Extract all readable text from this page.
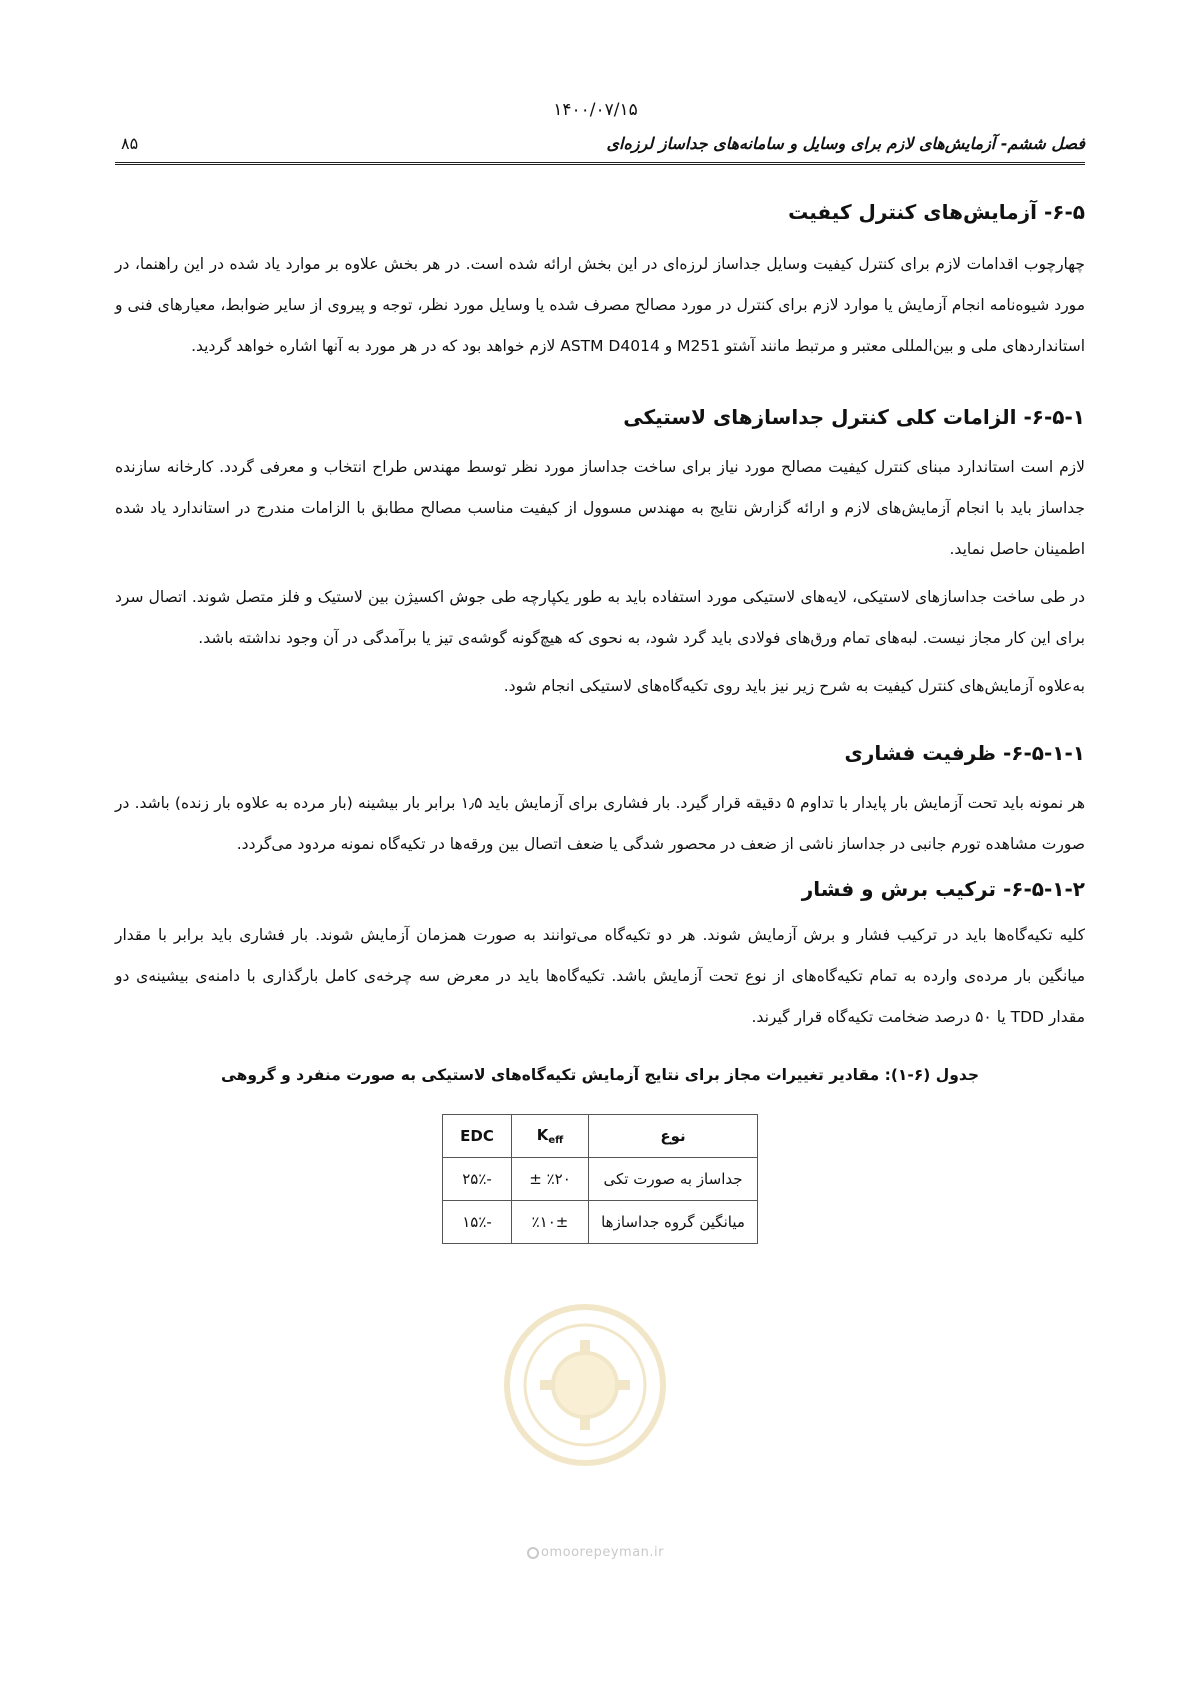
۱۴۰۰/۰۷/۱۵
فصل ششم- آزمایش‌های لازم برای وسایل و سامانه‌های جداساز لرزه‌ای
۸۵
۶-۵- آزمایش‌های کنترل کیفیت

چهارچوب اقدامات لازم برای کنترل کیفیت وسایل جداساز لرزه‌ای در این بخش ارائه شده است. در هر بخش علاوه بر موارد یاد شده در این راهنما، در مورد شیوه‌نامه انجام آزمایش یا موارد لازم برای کنترل در مورد مصالح مصرف شده یا وسایل مورد نظر، توجه و پیروی از سایر ضوابط، معیارهای فنی و استانداردهای ملی و بین‌المللی معتبر و مرتبط مانند آشتو M251 و ASTM D4014 لازم خواهد بود که در هر مورد به آنها اشاره خواهد گردید.

۶-۵-۱- الزامات کلی کنترل جداسازهای لاستیکی

لازم است استاندارد مبنای کنترل کیفیت مصالح مورد نیاز برای ساخت جداساز مورد نظر توسط مهندس طراح انتخاب و معرفی گردد. کارخانه سازنده جداساز باید با انجام آزمایش‌های لازم و ارائه گزارش نتایج به مهندس مسوول از کیفیت مناسب مصالح مطابق با الزامات مندرج در استاندارد یاد شده اطمینان حاصل نماید.

در طی ساخت جداسازهای لاستیکی، لایه‌های لاستیکی مورد استفاده باید به طور یکپارچه طی جوش اکسیژن بین لاستیک و فلز متصل شوند. اتصال سرد برای این کار مجاز نیست. لبه‌های تمام ورق‌های فولادی باید گرد شود، به نحوی که هیچ‌گونه گوشه‌ی تیز یا برآمدگی در آن وجود نداشته باشد.

به‌علاوه آزمایش‌های کنترل کیفیت به شرح زیر نیز باید روی تکیه‌گاه‌های لاستیکی انجام شود.

۶-۵-۱-۱- ظرفیت فشاری

هر نمونه باید تحت آزمایش بار پایدار با تداوم ۵ دقیقه قرار گیرد. بار فشاری برای آزمایش باید ۱٫۵ برابر بار بیشینه (بار مرده به علاوه بار زنده) باشد. در صورت مشاهده تورم جانبی در جداساز ناشی از ضعف در محصور شدگی یا ضعف اتصال بین ورقه‌ها در تکیه‌گاه نمونه مردود می‌گردد.

۶-۵-۱-۲- ترکیب برش و فشار

کلیه تکیه‌گاه‌ها باید در ترکیب فشار و برش آزمایش شوند. هر دو تکیه‌گاه می‌توانند به صورت همزمان آزمایش شوند. بار فشاری باید برابر با مقدار میانگین بار مرده‌ی وارده به تمام تکیه‌گاه‌های از نوع تحت آزمایش باشد. تکیه‌گاه‌ها باید در معرض سه چرخه‌ی کامل بارگذاری با دامنه‌ی بیشینه‌ی دو مقدار TDD یا ۵۰ درصد ضخامت تکیه‌گاه قرار گیرند.

جدول (۶-۱): مقادیر تغییرات مجاز برای نتایج آزمایش تکیه‌گاه‌های لاستیکی به صورت منفرد و گروهی

نوع	$K_{eff}$	EDC
جداساز به صورت تکی	٪۲۰ ±	-۲۵٪
میانگین گروه جداسازها	٪۱۰±	-۱۵٪
omoorepeyman.ir
